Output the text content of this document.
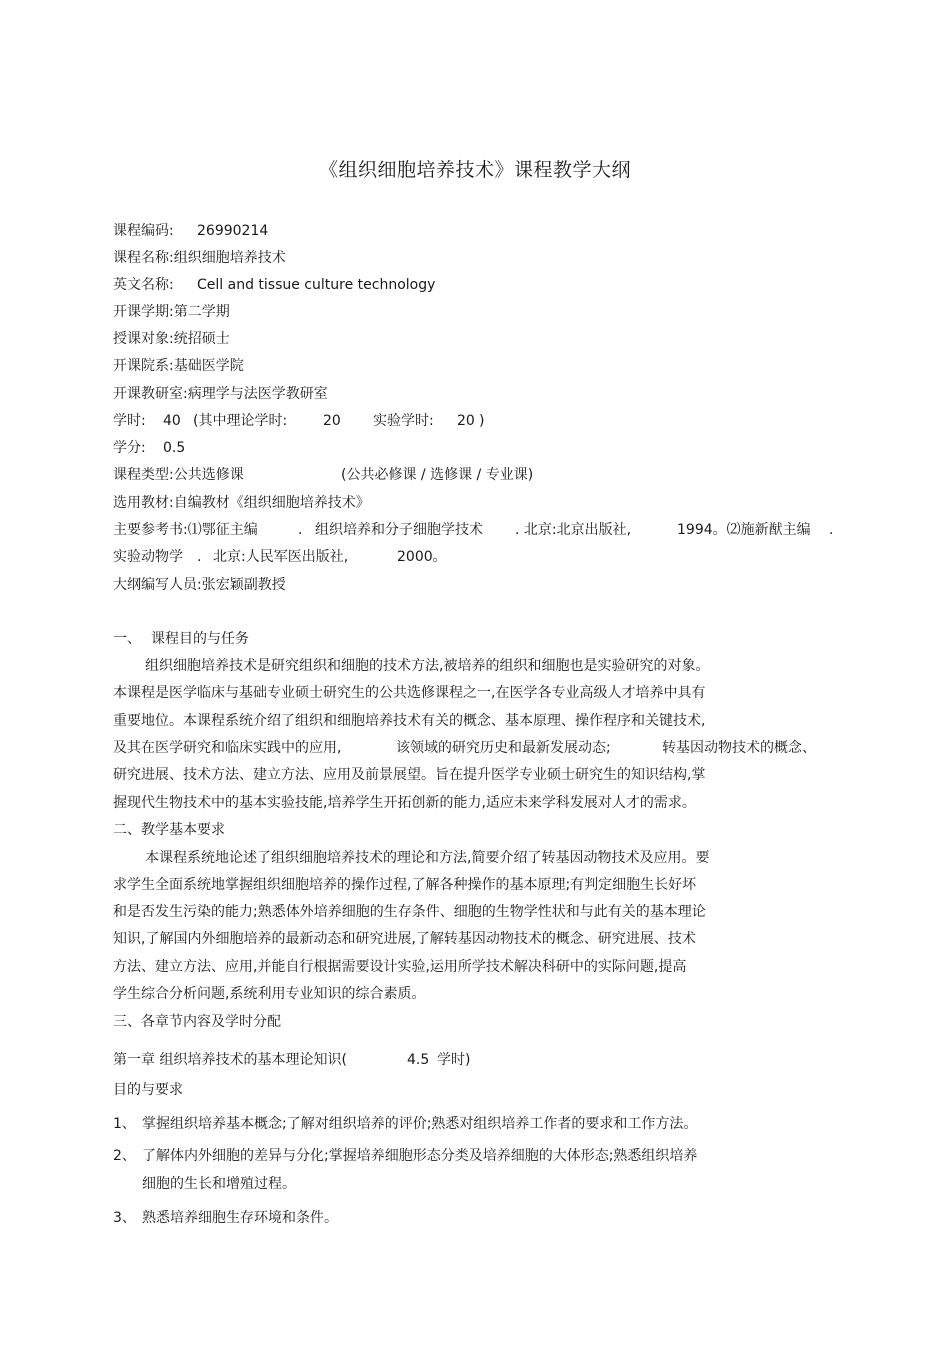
《组织细胞培养技术》课程教学大纲
课程编码: 26990214
课程名称:组织细胞培养技术
英文名称: Cell and tissue culture technology
开课学期:第二学期
授课对象:统招硕士
开课院系:基础医学院
开课教研室:病理学与法医学教研室
学时: 40 (其中理论学时:	20 实验学时: 20 )
学分: 0.5
课程类型:公共选修课	(公共必修课 / 选修课 / 专业课)
选用教材:自编教材《组织细胞培养技术》
主要参考书:⑴鄂征主编	. 组织培养和分子细胞学技术 . 北京:北京出版社,	1994。⑵施新猷主编 .
实验动物学 . 北京:人民军医出版社,	2000。
大纲编写人员:张宏颖副教授
一、 课程目的与任务
组织细胞培养技术是研究组织和细胞的技术方法,被培养的组织和细胞也是实验研究的对象。
本课程是医学临床与基础专业硕士研究生的公共选修课程之一,在医学各专业高级人才培养中具有
重要地位。本课程系统介绍了组织和细胞培养技术有关的概念、基本原理、操作程序和关键技术,
及其在医学研究和临床实践中的应用,	该领域的研究历史和最新发展动态;	转基因动物技术的概念、
研究进展、技术方法、建立方法、应用及前景展望。旨在提升医学专业硕士研究生的知识结构,掌
握现代生物技术中的基本实验技能,培养学生开拓创新的能力,适应未来学科发展对人才的需求。
二、教学基本要求
本课程系统地论述了组织细胞培养技术的理论和方法,简要介绍了转基因动物技术及应用。要
求学生全面系统地掌握组织细胞培养的操作过程,了解各种操作的基本原理;有判定细胞生长好坏
和是否发生污染的能力;熟悉体外培养细胞的生存条件、细胞的生物学性状和与此有关的基本理论
知识,了解国内外细胞培养的最新动态和研究进展,了解转基因动物技术的概念、研究进展、技术
方法、建立方法、应用,并能自行根据需要设计实验,运用所学技术解决科研中的实际问题,提高
学生综合分析问题,系统利用专业知识的综合素质。
三、各章节内容及学时分配
第一章 组织培养技术的基本理论知识(	4.5 学时)
目的与要求
1、 掌握组织培养基本概念;了解对组织培养的评价;熟悉对组织培养工作者的要求和工作方法。
2、 了解体内外细胞的差异与分化;掌握培养细胞形态分类及培养细胞的大体形态;熟悉组织培养
细胞的生长和增殖过程。
3、 熟悉培养细胞生存环境和条件。
